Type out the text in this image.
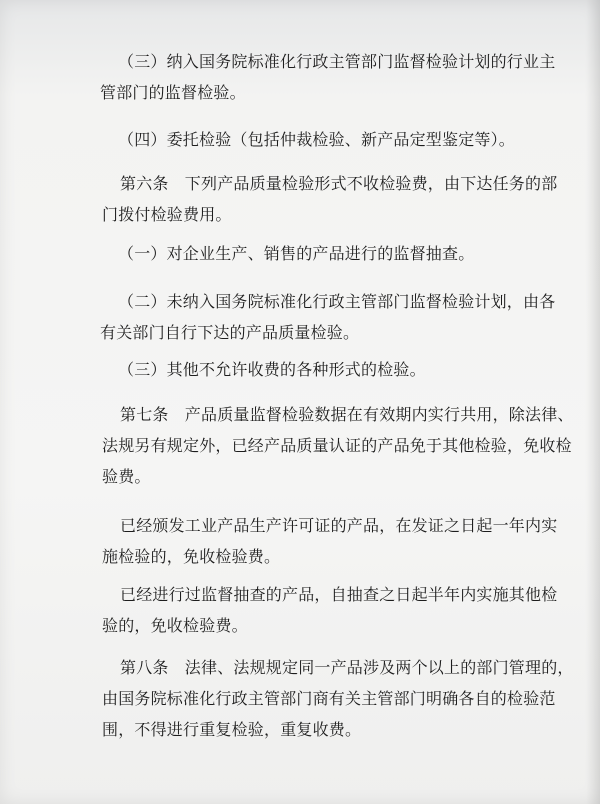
（三）纳入国务院标准化行政主管部门监督检验计划的行业主
管部门的监督检验。
（四）委托检验（包括仲裁检验、新产品定型鉴定等）。
第六条　下列产品质量检验形式不收检验费，由下达任务的部
门拨付检验费用。
（一）对企业生产、销售的产品进行的监督抽查。
（二）未纳入国务院标准化行政主管部门监督检验计划，由各
有关部门自行下达的产品质量检验。
（三）其他不允许收费的各种形式的检验。
第七条　产品质量监督检验数据在有效期内实行共用，除法律、
法规另有规定外，已经产品质量认证的产品免于其他检验，免收检
验费。
已经颁发工业产品生产许可证的产品，在发证之日起一年内实
施检验的，免收检验费。
已经进行过监督抽查的产品，自抽查之日起半年内实施其他检
验的，免收检验费。
第八条　法律、法规规定同一产品涉及两个以上的部门管理的，
由国务院标准化行政主管部门商有关主管部门明确各自的检验范
围，不得进行重复检验，重复收费。
